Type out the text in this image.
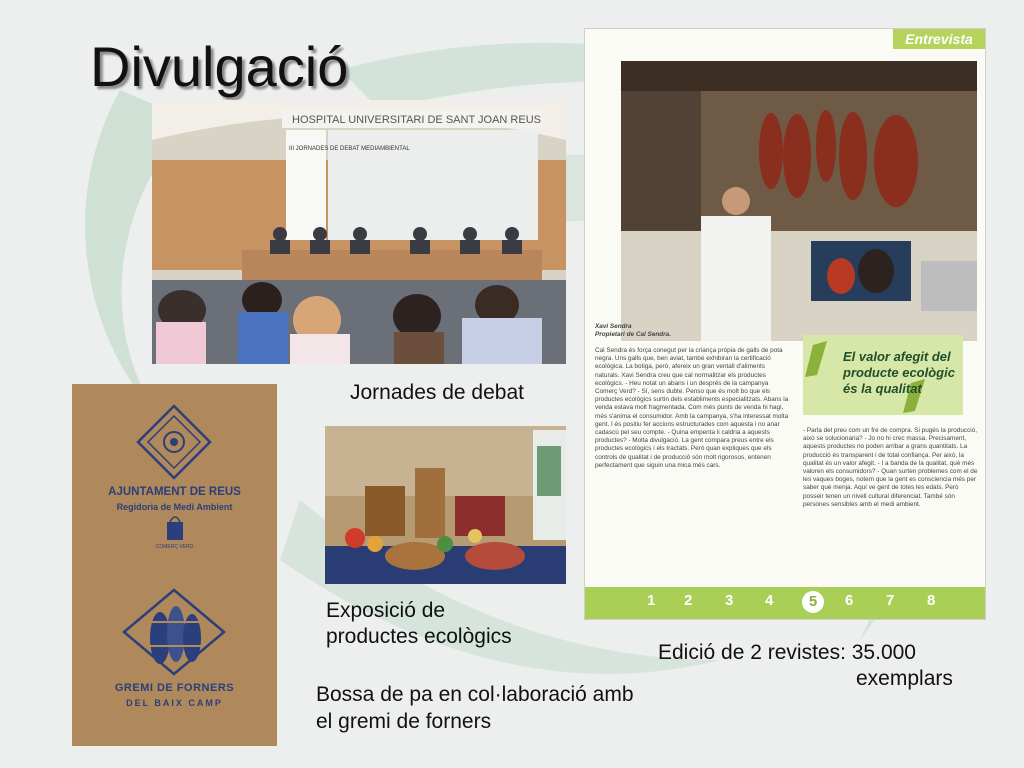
Divulgació
HOSPITAL UNIVERSITARI DE SANT JOAN REUS
III JORNADES DE DEBAT MEDIAMBIENTAL
Jornades de debat
Exposició de
productes ecològics
Entrevista
Xavi Sendra
Propietari de Cal Sendra.
Cal Sendra és força conegut per la criança pròpia de galls de pota negra. Uns galls que, ben aviat, també exhibiran la certificació ecològica. La botiga, però, afereix un gran ventall d'aliments naturals. Xavi Sendra creu que cal normalitzar els productes ecològics. - Heu notat un abans i un després de la campanya Comerç Verd? - Sí, sens dubte. Penso que és molt bo que els productes ecològics surtin dels establiments especialitzats. Abans la venda estava molt fragmentada. Com més punts de venda hi hagi, més s'anima el consumidor. Amb la campanya, s'ha interessat molta gent. I és positiu fer accions estructurades com aquesta i no anar cadascú pel seu compte. - Quina empenta li caldria a aquests productes? - Molta divulgació. La gent compara preus entre els productes ecològics i els tractats. Però quan expliques que els controls de qualitat i de producció són molt rigorosos, entenen perfectament que siguin una mica més cars.
El valor afegit del producte ecològic és la qualitat
- Parla del preu com un fre de compra. Si pugés la producció, això se solucionaria? - Jo no hi crec massa. Precisament, aquests productes no poden arribar a grans quantitats. La producció és transparent i de total confiança. Per això, la qualitat és un valor afegit. - I a banda de la qualitat, què més valoren els consumidors? - Quan surten problemes com el de les vaques boges, notem que la gent es consciencia més per saber què menja. Aquí ve gent de totes les edats. Però posseir tenen un nivell cultural diferenciat. També són persones sensibles amb el medi ambient.
1 2 3 4	5	6 7 8
Edició de 2 revistes: 35.000
exemplars
AJUNTAMENT DE REUS
Regidoria de Medi Ambient
COMERÇ VERD
GREMI DE FORNERS
DEL BAIX CAMP	Bossa de pa en col·laboració amb
el gremi de forners
